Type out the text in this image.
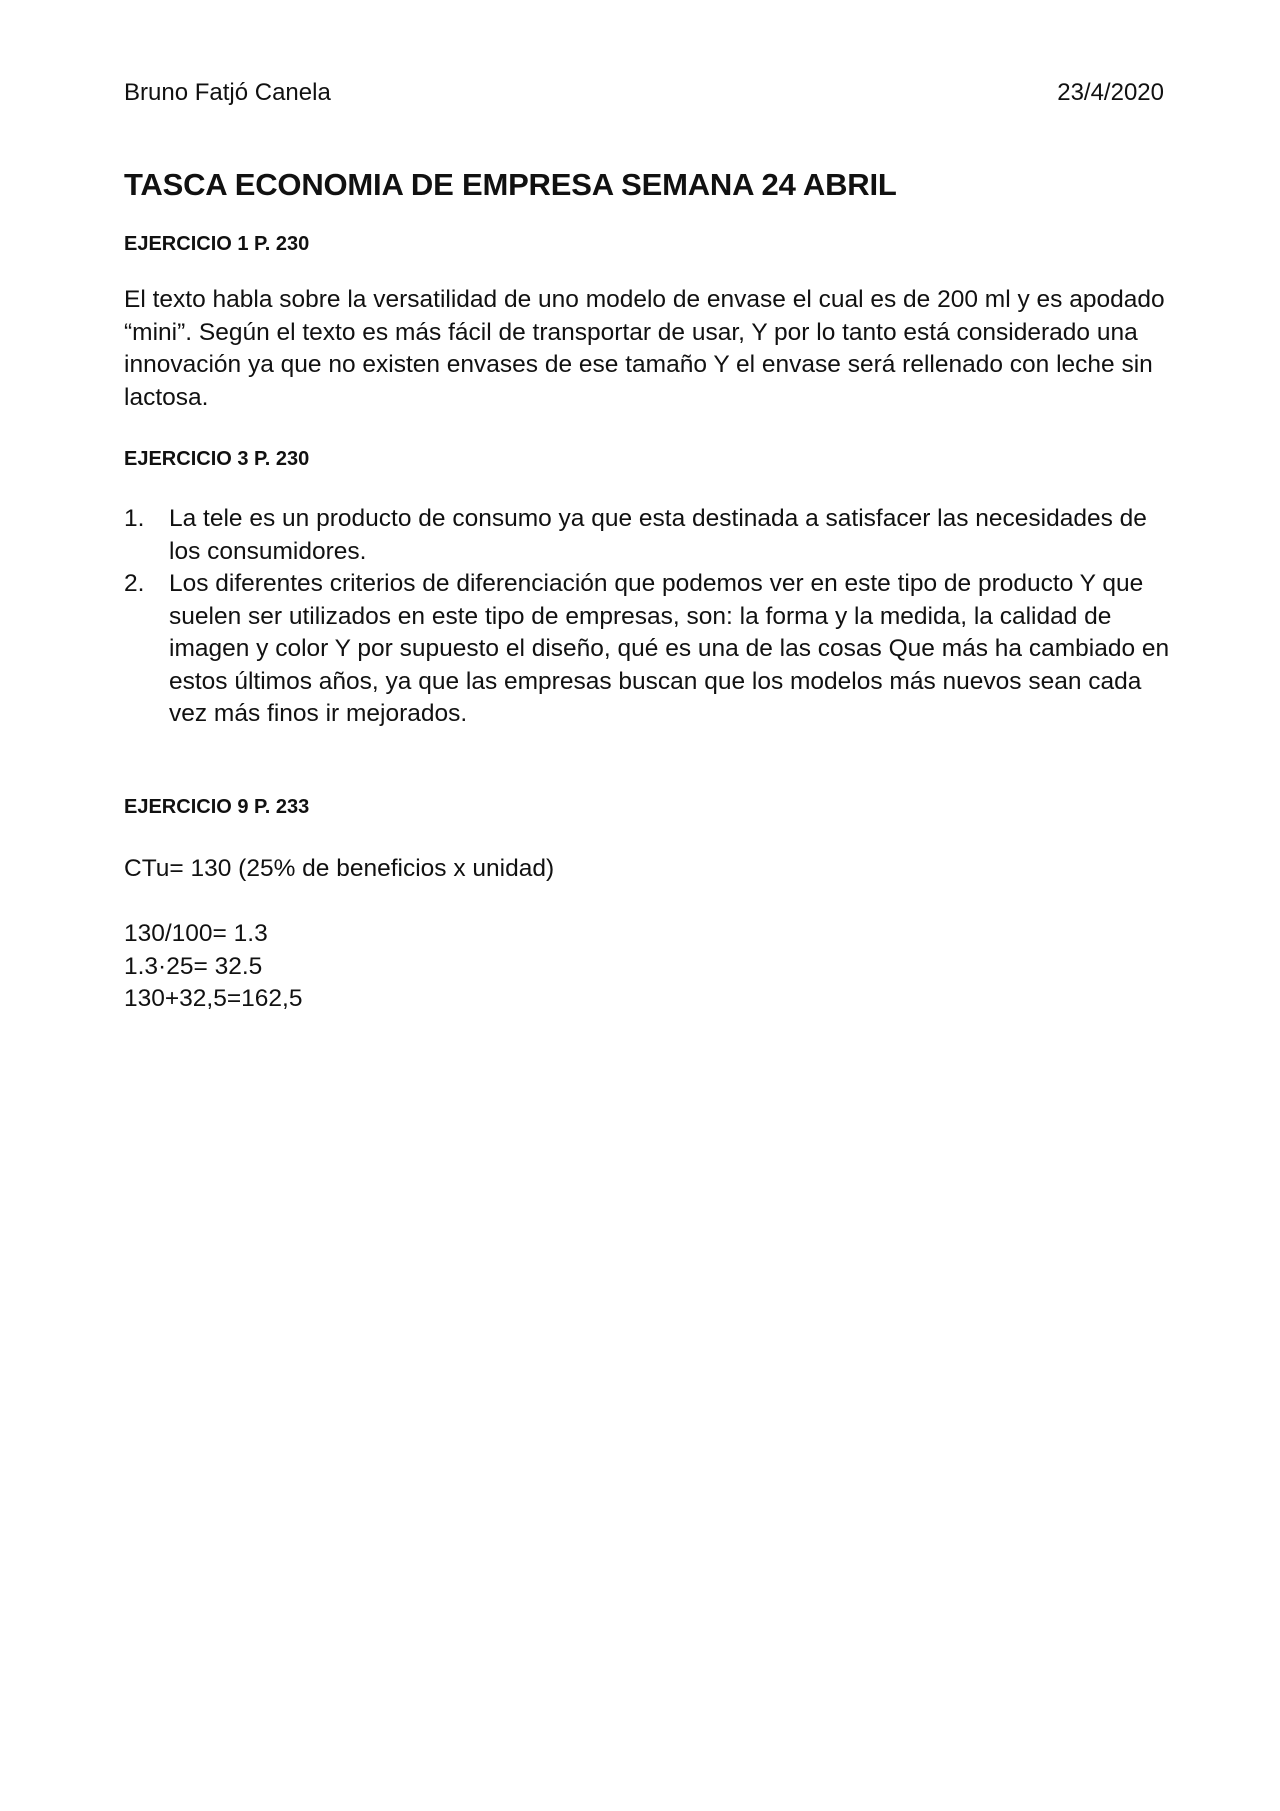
Bruno Fatjó Canela	23/4/2020
TASCA ECONOMIA DE EMPRESA SEMANA 24 ABRIL
EJERCICIO 1 P. 230

El texto habla sobre la versatilidad de uno modelo de envase el cual es de 200 ml y es apodado “mini”. Según el texto es más fácil de transportar de usar, Y por lo tanto está considerado una innovación ya que no existen envases de ese tamaño Y el envase será rellenado con leche sin lactosa.

EJERCICIO 3 P. 230
1. La tele es un producto de consumo ya que esta destinada a satisfacer las necesidades de los consumidores.
2. Los diferentes criterios de diferenciación que podemos ver en este tipo de producto Y que suelen ser utilizados en este tipo de empresas, son: la forma y la medida, la calidad de imagen y color Y por supuesto el diseño, qué es una de las cosas Que más ha cambiado en estos últimos años, ya que las empresas buscan que los modelos más nuevos sean cada vez más finos ir mejorados.
EJERCICIO 9 P. 233

CTu= 130 (25% de beneficios x unidad)

130/100= 1.3
1.3·25= 32.5
130+32,5=162,5
